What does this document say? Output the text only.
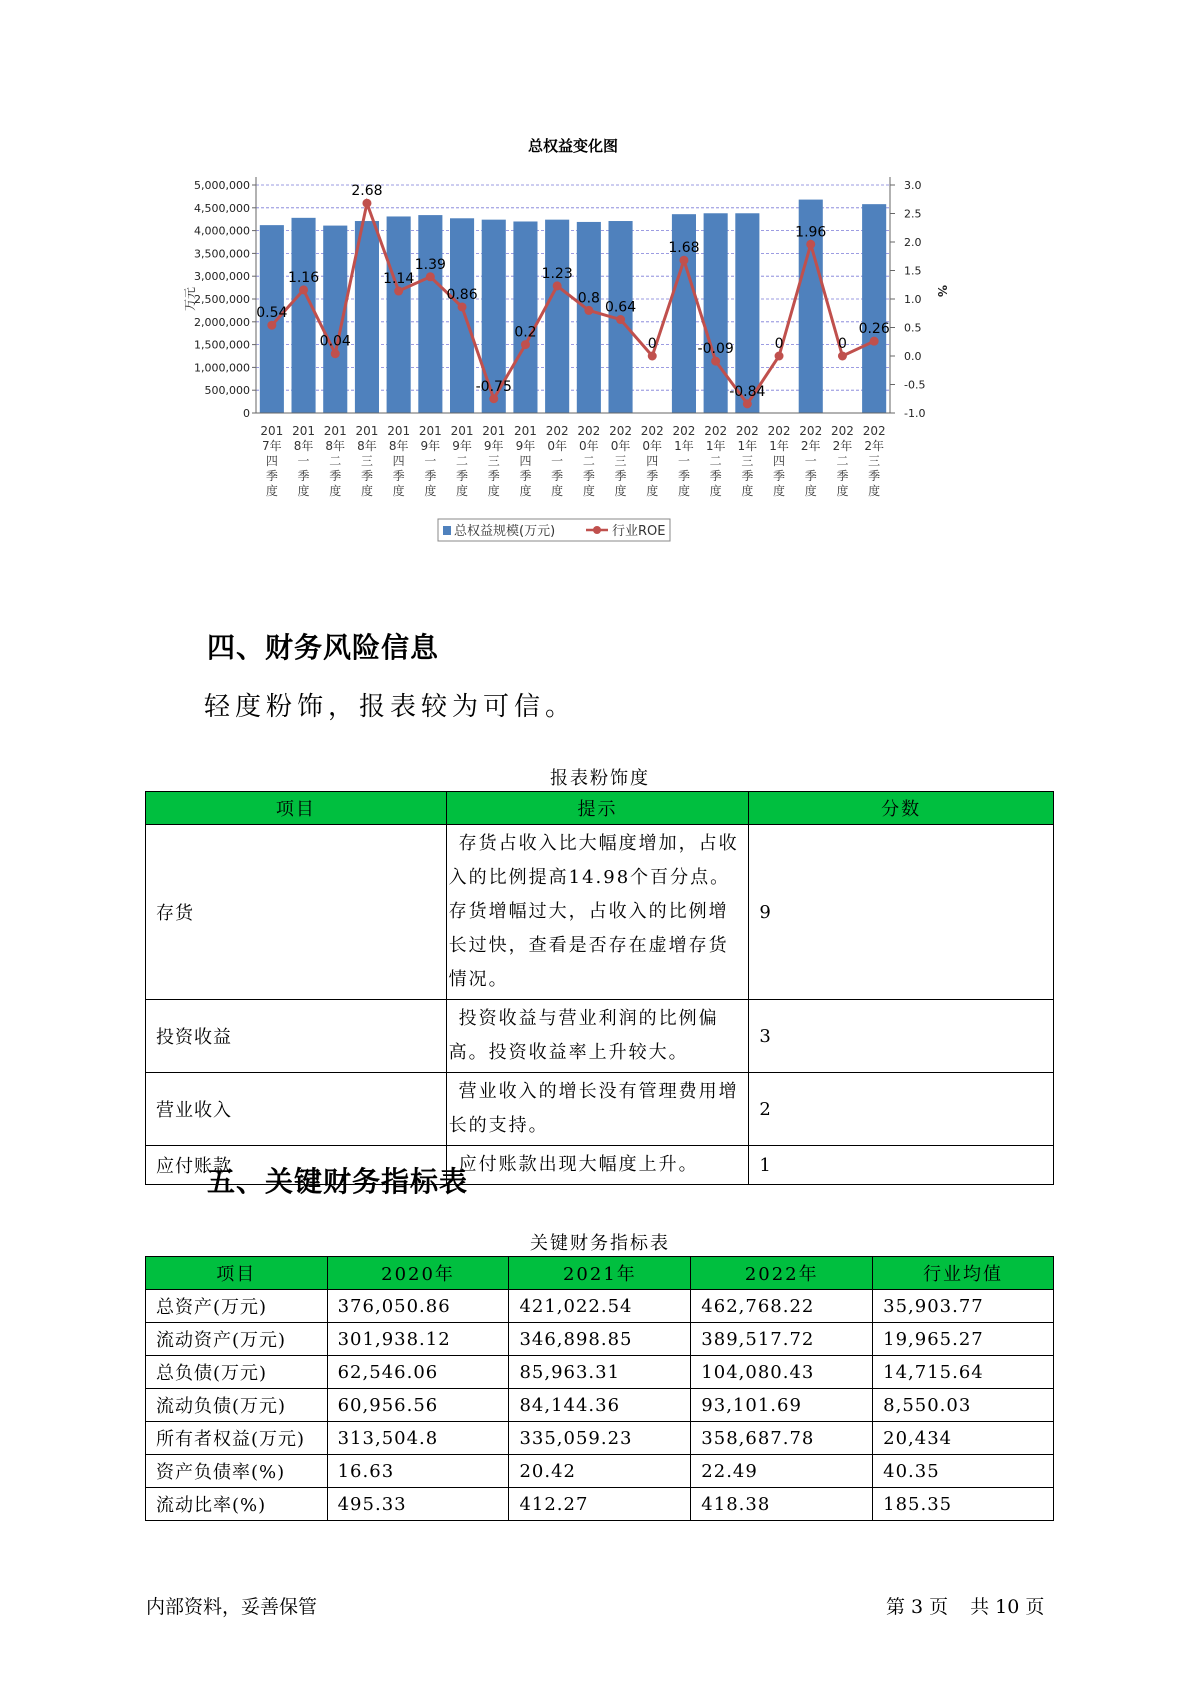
总权益变化图
0
500,000
1,000,000
1,500,000
2,000,000
2,500,000
3,000,000
3,500,000
4,000,000
4,500,000
5,000,000
-1.0
-0.5
0.0
0.5
1.0
1.5
2.0
2.5
3.0
万元	%
201 7年四季度
201 8年一季度
201 8年二季度
201 8年三季度
201 8年四季度
201 9年一季度
201 9年二季度
201 9年三季度
201 9年四季度
202 0年一季度
202 0年二季度
202 0年三季度
202 0年四季度
202 1年一季度
202 1年二季度
202 1年三季度
202 1年四季度
202 2年一季度
202 2年二季度
202 2年三季度
0.54
1.16
0.04
2.68
1.14
1.39
0.86
-0.75
0.2
1.23
0.8
0.64
0
1.68
-0.09
-0.84
0
1.96
0
0.26
总权益规模(万元)	行业ROE
四、财务风险信息
轻度粉饰，报表较为可信。
报表粉饰度
项目	提示	分数
存货	存货占收入比大幅度增加，占收入的比例提高14.98个百分点。存货增幅过大，占收入的比例增长过快，查看是否存在虚增存货情况。	9
投资收益	投资收益与营业利润的比例偏高。投资收益率上升较大。	3
营业收入	营业收入的增长没有管理费用增长的支持。	2
应付账款	应付账款出现大幅度上升。	1
五、关键财务指标表
关键财务指标表
项目	2020年	2021年	2022年	行业均值
总资产(万元)	376,050.86	421,022.54	462,768.22	35,903.77
流动资产(万元)	301,938.12	346,898.85	389,517.72	19,965.27
总负债(万元)	62,546.06	85,963.31	104,080.43	14,715.64
流动负债(万元)	60,956.56	84,144.36	93,101.69	8,550.03
所有者权益(万元)	313,504.8	335,059.23	358,687.78	20,434
资产负债率(%)	16.63	20.42	22.49	40.35
流动比率(%)	495.33	412.27	418.38	185.35
内部资料，妥善保管	第 3 页 共 10 页
